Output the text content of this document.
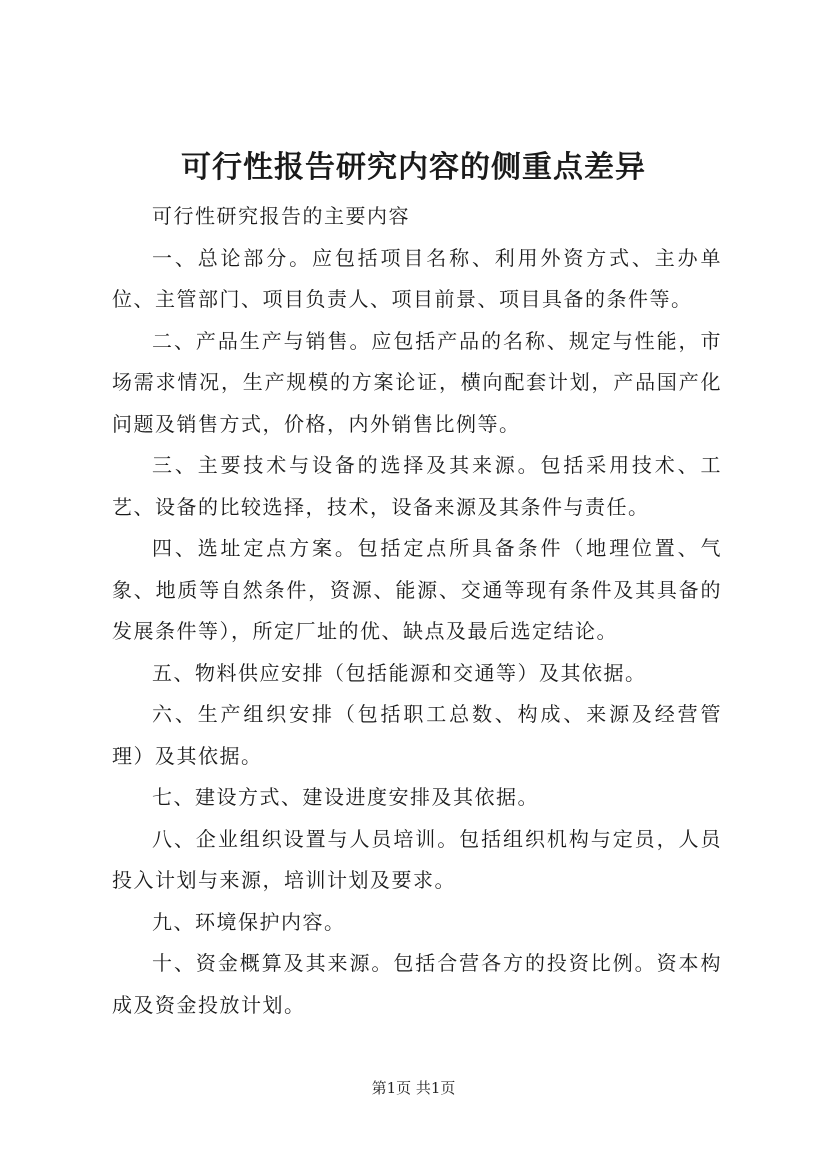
可行性报告研究内容的侧重点差异

可行性研究报告的主要内容

一、总论部分。应包括项目名称、利用外资方式、主办单位、主管部门、项目负责人、项目前景、项目具备的条件等。

二、产品生产与销售。应包括产品的名称、规定与性能，市场需求情况，生产规模的方案论证，横向配套计划，产品国产化问题及销售方式，价格，内外销售比例等。

三、主要技术与设备的选择及其来源。包括采用技术、工艺、设备的比较选择，技术，设备来源及其条件与责任。

四、选址定点方案。包括定点所具备条件（地理位置、气象、地质等自然条件，资源、能源、交通等现有条件及其具备的发展条件等），所定厂址的优、缺点及最后选定结论。

五、物料供应安排（包括能源和交通等）及其依据。

六、生产组织安排（包括职工总数、构成、来源及经营管理）及其依据。

七、建设方式、建设进度安排及其依据。

八、企业组织设置与人员培训。包括组织机构与定员，人员投入计划与来源，培训计划及要求。

九、环境保护内容。

十、资金概算及其来源。包括合营各方的投资比例。资本构成及资金投放计划。

第1页 共1页
